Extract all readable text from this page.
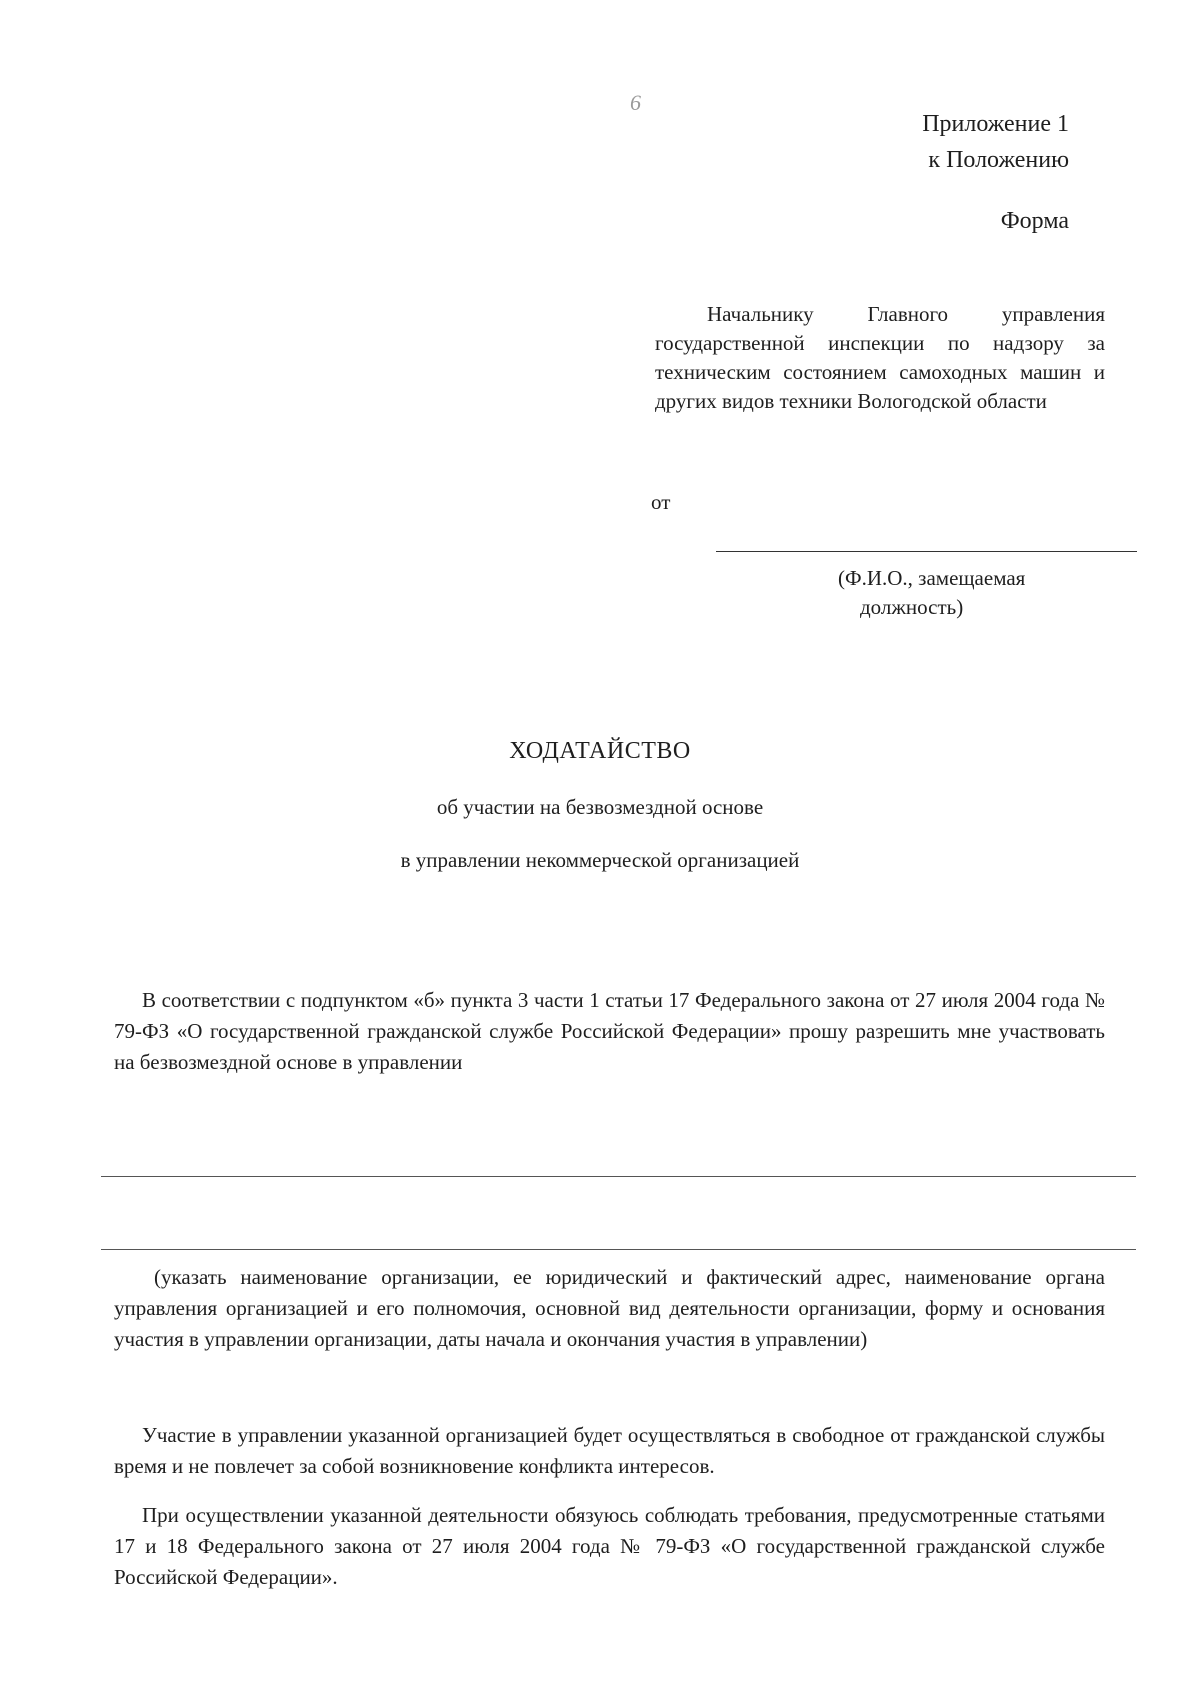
6
Приложение 1
к Положению
Форма
Начальнику Главного управления государственной инспекции по надзору за техническим состоянием самоходных машин и других видов техники Вологодской области
от
(Ф.И.О., замещаемая
должность)
ХОДАТАЙСТВО
об участии на безвозмездной основе
в управлении некоммерческой организацией
В соответствии с подпунктом «б» пункта 3 части 1 статьи 17 Федерального закона от 27 июля 2004 года № 79-ФЗ «О государственной гражданской службе Российской Федерации» прошу разрешить мне участвовать на безвозмездной основе в управлении
(указать наименование организации, ее юридический и фактический адрес, наименование органа управления организацией и его полномочия, основной вид деятельности организации, форму и основания участия в управлении организации, даты начала и окончания участия в управлении)
Участие в управлении указанной организацией будет осуществляться в свободное от гражданской службы время и не повлечет за собой возникновение конфликта интересов.
При осуществлении указанной деятельности обязуюсь соблюдать требования, предусмотренные статьями 17 и 18 Федерального закона от 27 июля 2004 года № 79-ФЗ «О государственной гражданской службе Российской Федерации».
